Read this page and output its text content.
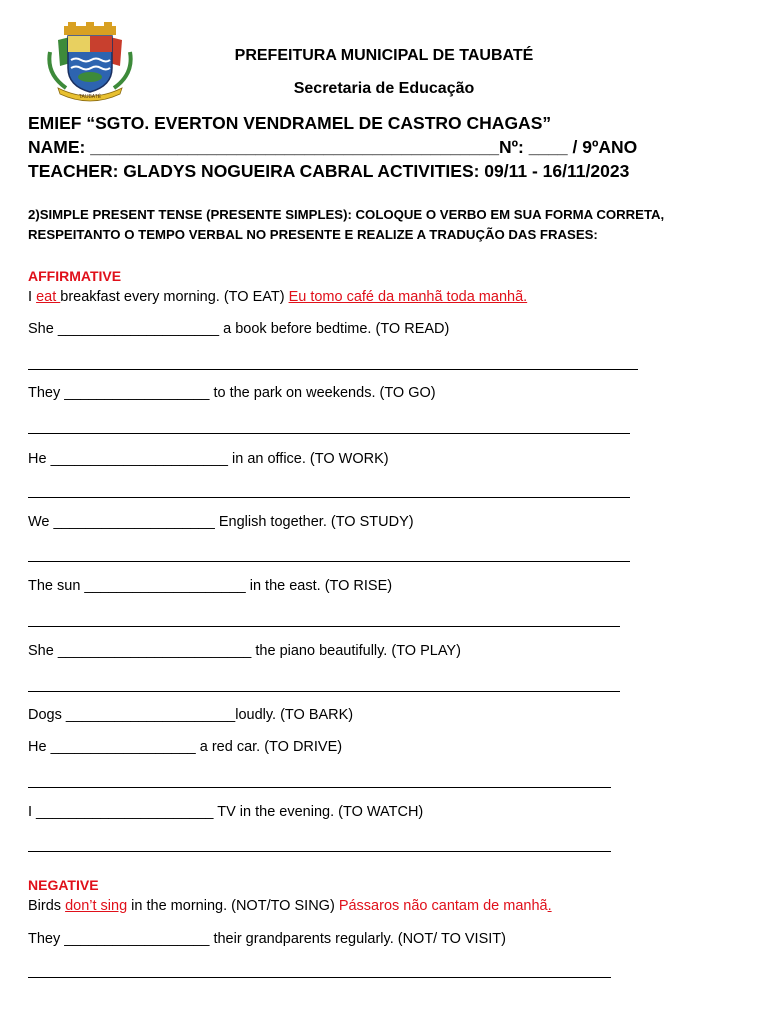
TAUBATÉ
PREFEITURA MUNICIPAL DE TAUBATÉ
Secretaria de Educação
EMIEF “SGTO. EVERTON VENDRAMEL DE CASTRO CHAGAS”
NAME: __________________________________________Nº: ____ / 9ºANO
TEACHER: GLADYS NOGUEIRA CABRAL ACTIVITIES: 09/11 - 16/11/2023
2)SIMPLE PRESENT TENSE (PRESENTE SIMPLES): COLOQUE O VERBO EM SUA FORMA CORRETA,
RESPEITANTO O TEMPO VERBAL NO PRESENTE E REALIZE A TRADUÇÃO DAS FRASES:
AFFIRMATIVE
I eat breakfast every morning. (TO EAT) Eu tomo café da manhã toda manhã.
She ____________________ a book before bedtime. (TO READ)
They __________________ to the park on weekends. (TO GO)
He ______________________ in an office. (TO WORK)
We ____________________ English together. (TO STUDY)
The sun ____________________ in the east. (TO RISE)
She ________________________ the piano beautifully. (TO PLAY)
Dogs _____________________loudly. (TO BARK)
He __________________ a red car. (TO DRIVE)
I ______________________ TV in the evening. (TO WATCH)
NEGATIVE
Birds don’t sing in the morning. (NOT/TO SING) Pássaros não cantam de manhã.
They __________________ their grandparents regularly. (NOT/ TO VISIT)
